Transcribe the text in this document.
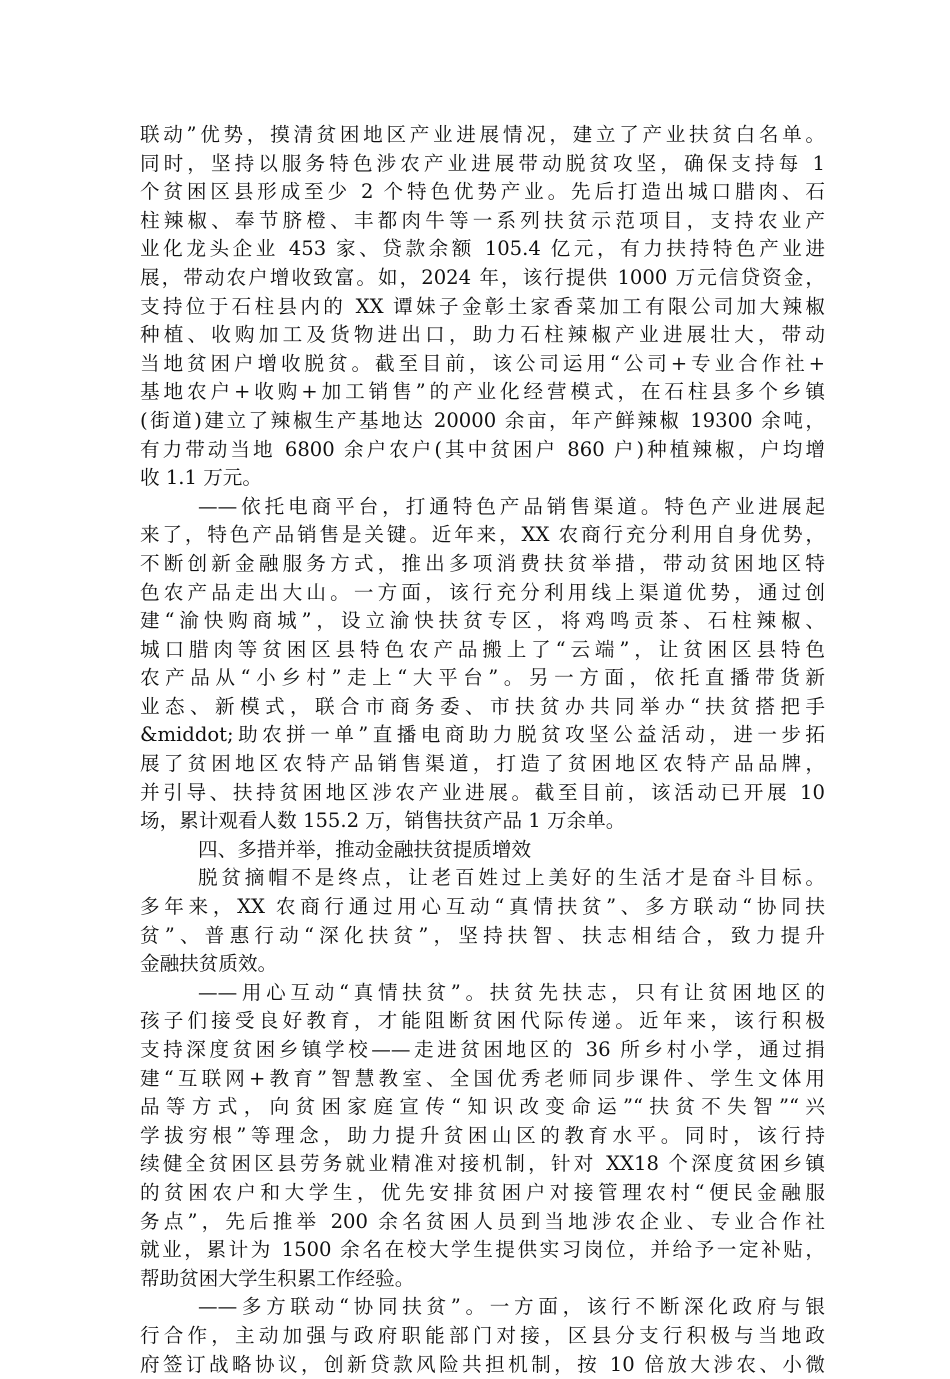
联动”优势，摸清贫困地区产业进展情况，建立了产业扶贫白名单。
同时，坚持以服务特色涉农产业进展带动脱贫攻坚，确保支持每 1
个贫困区县形成至少 2 个特色优势产业。先后打造出城口腊肉、石
柱辣椒、奉节脐橙、丰都肉牛等一系列扶贫示范项目，支持农业产
业化龙头企业 453 家、贷款余额 105.4 亿元，有力扶持特色产业进
展，带动农户增收致富。如，2024 年，该行提供 1000 万元信贷资金，
支持位于石柱县内的 XX 谭妹子金彰土家香菜加工有限公司加大辣椒
种植、收购加工及货物进出口，助力石柱辣椒产业进展壮大，带动
当地贫困户增收脱贫。截至目前，该公司运用“公司+专业合作社+
基地农户+收购+加工销售”的产业化经营模式，在石柱县多个乡镇
(街道)建立了辣椒生产基地达 20000 余亩，年产鲜辣椒 19300 余吨，
有力带动当地 6800 余户农户(其中贫困户 860 户)种植辣椒，户均增
收 1.1 万元。
——依托电商平台，打通特色产品销售渠道。特色产业进展起
来了，特色产品销售是关键。近年来，XX 农商行充分利用自身优势，
不断创新金融服务方式，推出多项消费扶贫举措，带动贫困地区特
色农产品走出大山。一方面，该行充分利用线上渠道优势，通过创
建“渝快购商城”，设立渝快扶贫专区，将鸡鸣贡茶、石柱辣椒、
城口腊肉等贫困区县特色农产品搬上了“云端”，让贫困区县特色
农产品从“小乡村”走上“大平台”。另一方面，依托直播带货新
业态、新模式，联合市商务委、市扶贫办共同举办“扶贫搭把手
&middot;助农拼一单”直播电商助力脱贫攻坚公益活动，进一步拓
展了贫困地区农特产品销售渠道，打造了贫困地区农特产品品牌，
并引导、扶持贫困地区涉农产业进展。截至目前，该活动已开展 10
场，累计观看人数 155.2 万，销售扶贫产品 1 万余单。
四、多措并举，推动金融扶贫提质增效
脱贫摘帽不是终点，让老百姓过上美好的生活才是奋斗目标。
多年来，XX 农商行通过用心互动“真情扶贫”、多方联动“协同扶
贫”、普惠行动“深化扶贫”，坚持扶智、扶志相结合，致力提升
金融扶贫质效。
——用心互动“真情扶贫”。扶贫先扶志，只有让贫困地区的
孩子们接受良好教育，才能阻断贫困代际传递。近年来，该行积极
支持深度贫困乡镇学校——走进贫困地区的 36 所乡村小学，通过捐
建“互联网+教育”智慧教室、全国优秀老师同步课件、学生文体用
品等方式，向贫困家庭宣传“知识改变命运”“扶贫不失智”“兴
学拔穷根”等理念，助力提升贫困山区的教育水平。同时，该行持
续健全贫困区县劳务就业精准对接机制，针对 XX18 个深度贫困乡镇
的贫困农户和大学生，优先安排贫困户对接管理农村“便民金融服
务点”，先后推举 200 余名贫困人员到当地涉农企业、专业合作社
就业，累计为 1500 余名在校大学生提供实习岗位，并给予一定补贴，
帮助贫困大学生积累工作经验。
——多方联动“协同扶贫”。一方面，该行不断深化政府与银
行合作，主动加强与政府职能部门对接，区县分支行积极与当地政
府签订战略协议，创新贷款风险共担机制，按 10 倍放大涉农、小微
